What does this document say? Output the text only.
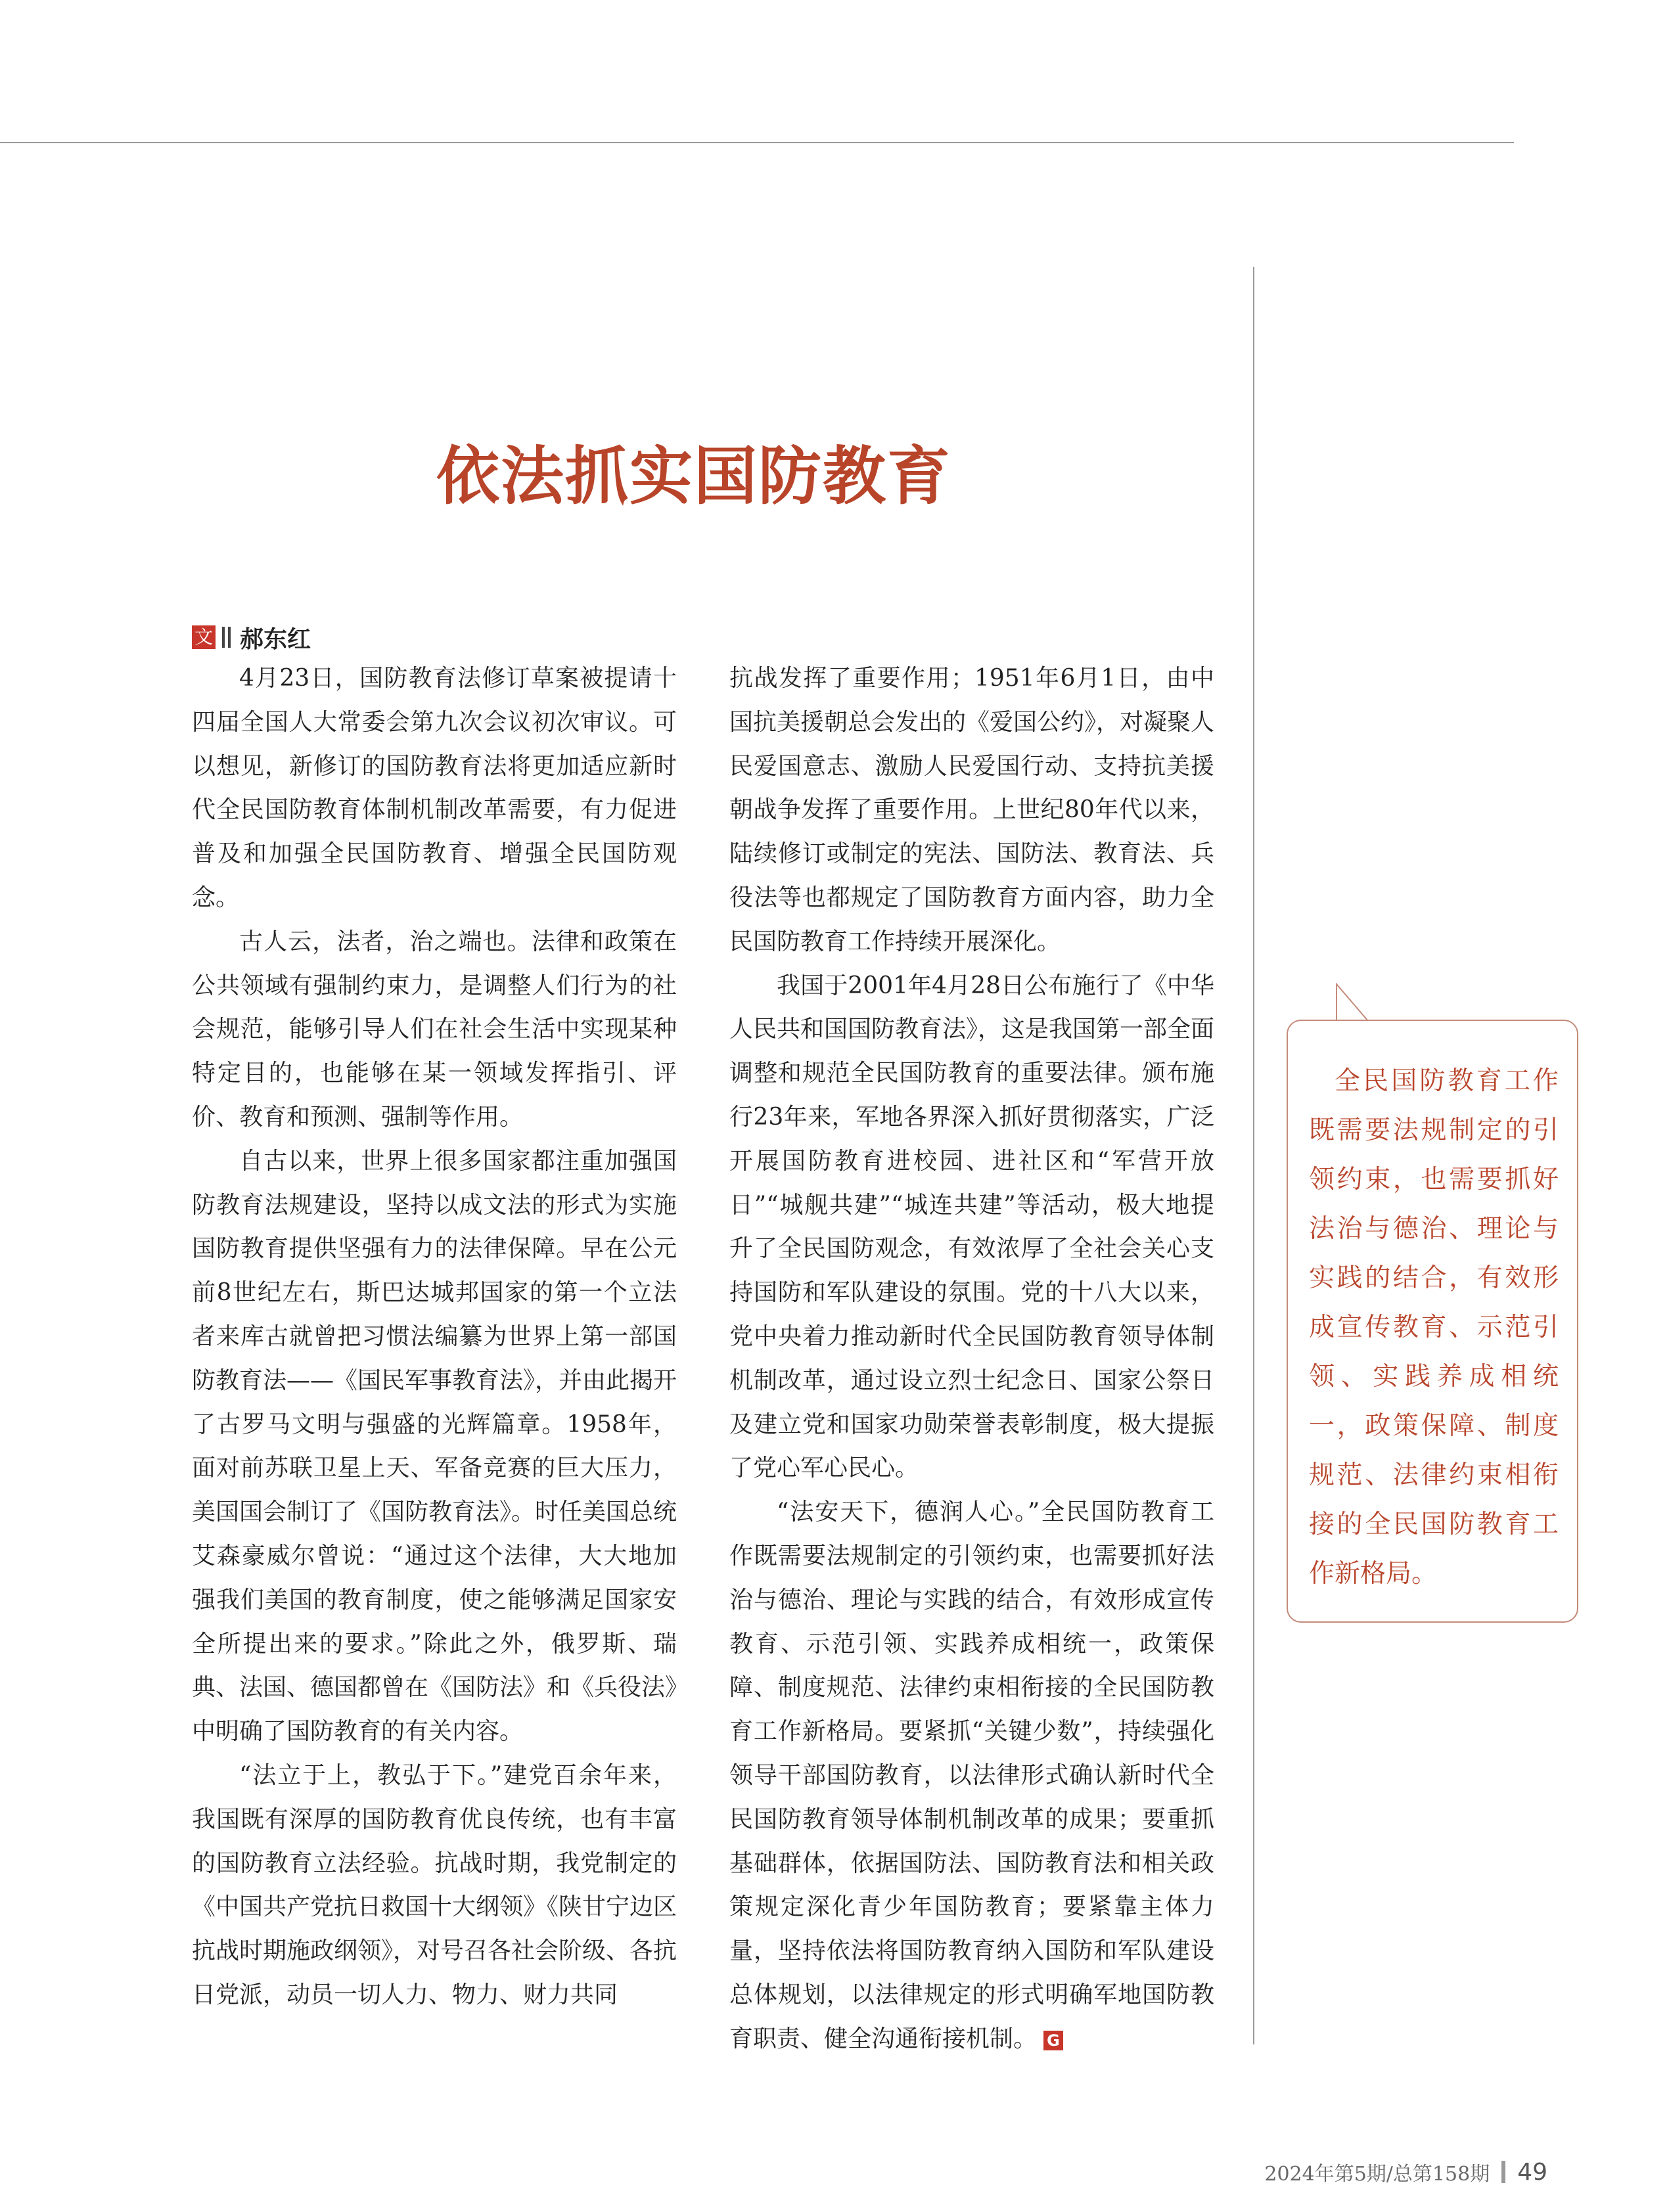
依法抓实国防教育
文 郝东红

4月23日，国防教育法修订草案被提请十四届全国人大常委会第九次会议初次审议。可以想见，新修订的国防教育法将更加适应新时代全民国防教育体制机制改革需要，有力促进普及和加强全民国防教育、增强全民国防观念。

古人云，法者，治之端也。法律和政策在公共领域有强制约束力，是调整人们行为的社会规范，能够引导人们在社会生活中实现某种特定目的，也能够在某一领域发挥指引、评价、教育和预测、强制等作用。

自古以来，世界上很多国家都注重加强国防教育法规建设，坚持以成文法的形式为实施国防教育提供坚强有力的法律保障。早在公元前8世纪左右，斯巴达城邦国家的第一个立法者来库古就曾把习惯法编纂为世界上第一部国防教育法——《国民军事教育法》，并由此揭开了古罗马文明与强盛的光辉篇章。1958年，面对前苏联卫星上天、军备竞赛的巨大压力，美国国会制订了《国防教育法》。时任美国总统艾森豪威尔曾说：“通过这个法律，大大地加强我们美国的教育制度，使之能够满足国家安全所提出来的要求。”除此之外，俄罗斯、瑞典、法国、德国都曾在《国防法》和《兵役法》中明确了国防教育的有关内容。

“法立于上，教弘于下。”建党百余年来，我国既有深厚的国防教育优良传统，也有丰富的国防教育立法经验。抗战时期，我党制定的《中国共产党抗日救国十大纲领》《陕甘宁边区抗战时期施政纲领》，对号召各社会阶级、各抗日党派，动员一切人力、物力、财力共同

抗战发挥了重要作用；1951年6月1日，由中国抗美援朝总会发出的《爱国公约》，对凝聚人民爱国意志、激励人民爱国行动、支持抗美援朝战争发挥了重要作用。上世纪80年代以来，陆续修订或制定的宪法、国防法、教育法、兵役法等也都规定了国防教育方面内容，助力全民国防教育工作持续开展深化。

我国于2001年4月28日公布施行了《中华人民共和国国防教育法》，这是我国第一部全面调整和规范全民国防教育的重要法律。颁布施行23年来，军地各界深入抓好贯彻落实，广泛开展国防教育进校园、进社区和“军营开放日”“城舰共建”“城连共建”等活动，极大地提升了全民国防观念，有效浓厚了全社会关心支持国防和军队建设的氛围。党的十八大以来，党中央着力推动新时代全民国防教育领导体制机制改革，通过设立烈士纪念日、国家公祭日及建立党和国家功勋荣誉表彰制度，极大提振了党心军心民心。

“法安天下，德润人心。”全民国防教育工作既需要法规制定的引领约束，也需要抓好法治与德治、理论与实践的结合，有效形成宣传教育、示范引领、实践养成相统一，政策保障、制度规范、法律约束相衔接的全民国防教育工作新格局。要紧抓“关键少数”，持续强化领导干部国防教育，以法律形式确认新时代全民国防教育领导体制机制改革的成果；要重抓基础群体，依据国防法、国防教育法和相关政策规定深化青少年国防教育；要紧靠主体力量，坚持依法将国防教育纳入国防和军队建设总体规划，以法律规定的形式明确军地国防教育职责、健全沟通衔接机制。 G

全民国防教育工作既需要法规制定的引领约束，也需要抓好法治与德治、理论与实践的结合，有效形成宣传教育、示范引领、实践养成相统一，政策保障、制度规范、法律约束相衔接的全民国防教育工作新格局。
2024年第5期/总第158期 49
